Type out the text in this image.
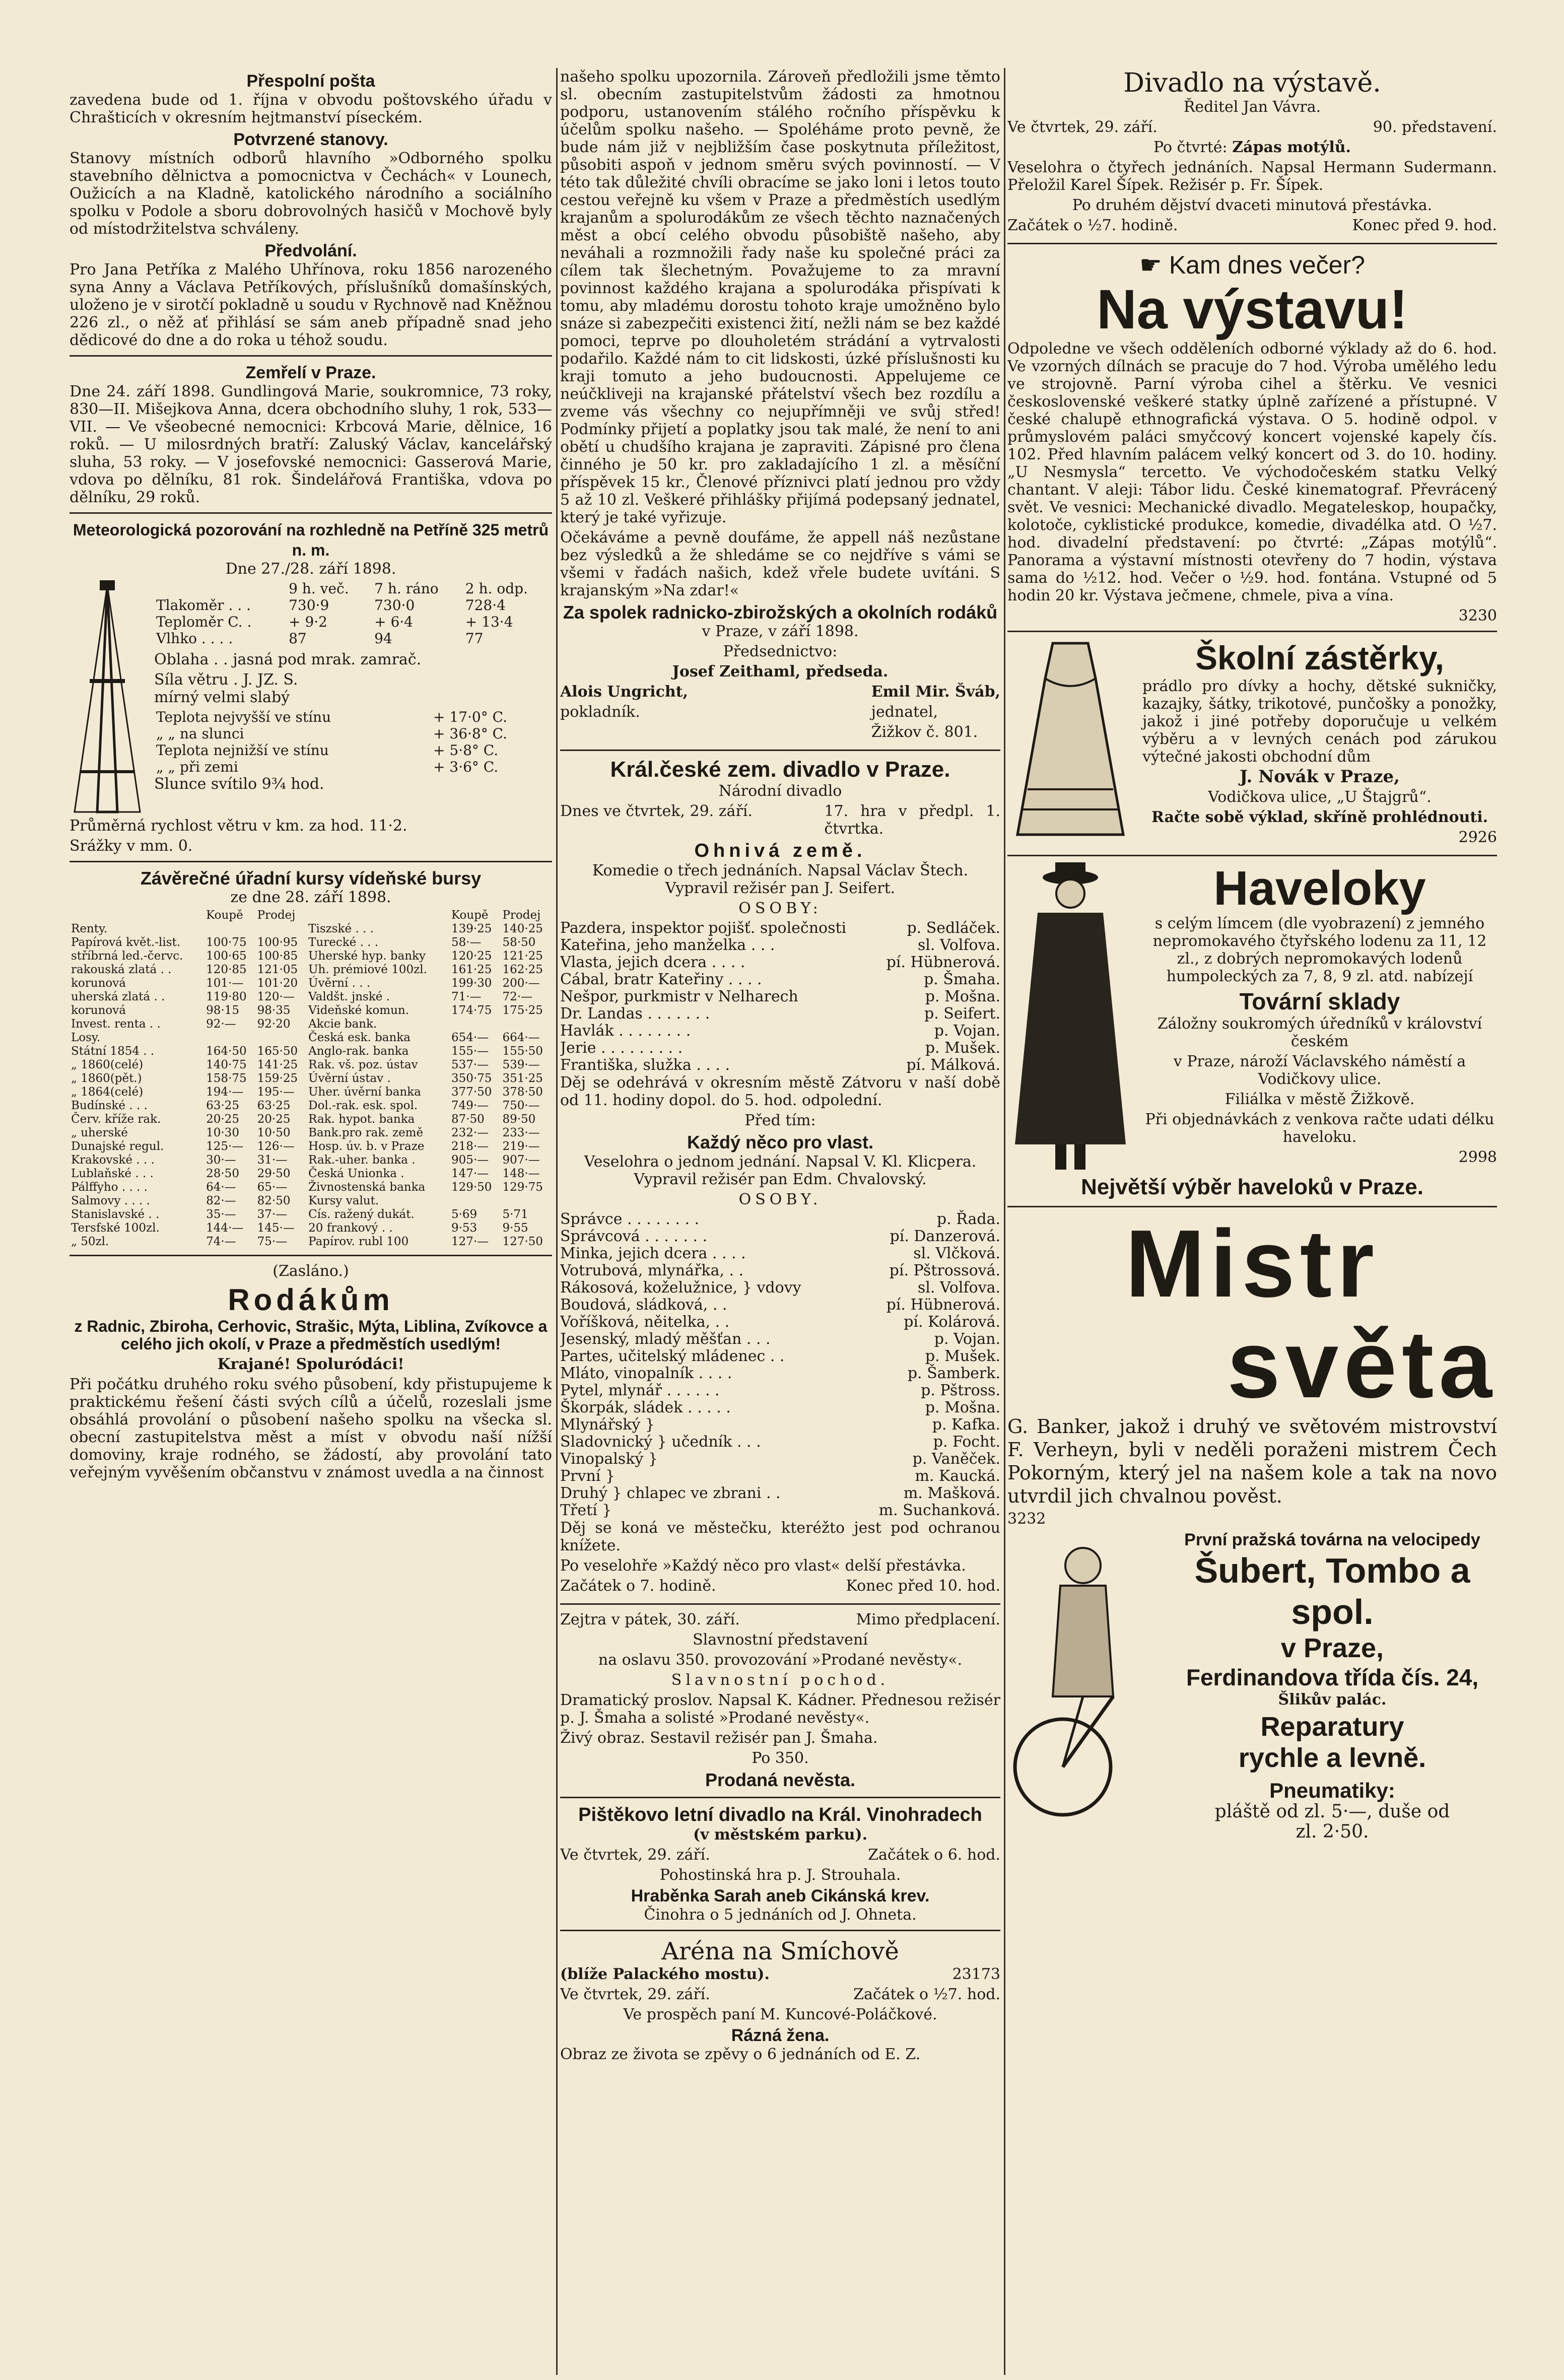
Přespolní pošta

zavedena bude od 1. října v obvodu poštovského úřadu v Chrašticích v okresním hejtmanství píseckém.

Potvrzené stanovy.

Stanovy místních odborů hlavního »Odborného spolku stavebního dělnictva a pomocnictva v Čechách« v Lounech, Oužicích a na Kladně, katolického národního a sociálního spolku v Podole a sboru dobrovolných hasičů v Mochově byly od místodržitelstva schváleny.

Předvolání.

Pro Jana Petříka z Malého Uhřínova, roku 1856 narozeného syna Anny a Václava Petříkových, příslušníků domašínských, uloženo je v sirotčí pokladně u soudu v Rychnově nad Kněžnou 226 zl., o něž ať přihlásí se sám aneb případně snad jeho dědicové do dne a do roka u téhož soudu.

Zemřelí v Praze.

Dne 24. září 1898. Gundlingová Marie, soukromnice, 73 roky, 830—II. Mišejkova Anna, dcera obchodního sluhy, 1 rok, 533—VII. — Ve všeobecné nemocnici: Krbcová Marie, dělnice, 16 roků. — U milosrdných bratří: Zaluský Václav, kancelářský sluha, 53 roky. — V josefovské nemocnici: Gasserová Marie, vdova po dělníku, 81 rok. Šindelářová Františka, vdova po dělníku, 29 roků.

Meteorologická pozorování na rozhledně na Petříně 325 metrů n. m.

Dne 27./28. září 1898.

	9 h. več.	7 h. ráno	2 h. odp.
Tlakoměr . . .	730·9	730·0	728·4
Teploměr C. .	+ 9·2	+ 6·4	+ 13·4
Vlhko . . . .	87	94	77

Oblaha . . jasná pod mrak. zamrač.

Síla větru . J. JZ. S.
mírný velmi slabý

Teplota nejvyšší ve stínu	+ 17·0° C.
„ „ na slunci	+ 36·8° C.
Teplota nejnižší ve stínu	+ 5·8° C.
„ „ při zemi	+ 3·6° C.

Slunce svítilo 9¾ hod.

Průměrná rychlost větru v km. za hod. 11·2.

Srážky v mm. 0.

Závěrečné úřadní kursy vídeňské bursy

ze dne 28. září 1898.

	Koupě	Prodej		Koupě	Prodej
Renty.			Tiszské . . .	139·25	140·25
Papírová květ.-list.	100·75	100·95	Turecké . . .	58·—	58·50
stříbrná led.-červc.	100·65	100·85	Uherské hyp. banky	120·25	121·25
rakouská zlatá . .	120·85	121·05	Uh. prémiové 100zl.	161·25	162·25
korunová	101·—	101·20	Úvěrní . . .	199·30	200·—
uherská zlatá . .	119·80	120·—	Valdšt. jnské .	71·—	72·—
korunová	98·15	98·35	Videňské komun.	174·75	175·25
Invest. renta . .	92·—	92·20	Akcie bank.		
Losy.			Česká esk. banka	654·—	664·—
Státní 1854 . .	164·50	165·50	Anglo-rak. banka	155·—	155·50
„ 1860(celé)	140·75	141·25	Rak. vš. poz. ústav	537·—	539·—
„ 1860(pět.)	158·75	159·25	Úvěrní ústav .	350·75	351·25
„ 1864(celé)	194·—	195·—	Uher. úvěrní banka	377·50	378·50
Budínské . . .	63·25	63·25	Dol.-rak. esk. spol.	749·—	750·—
Červ. kříže rak.	20·25	20·25	Rak. hypot. banka	87·50	89·50
„ uherské	10·30	10·50	Bank.pro rak. země	232·—	233·—
Dunajské regul.	125·—	126·—	Hosp. úv. b. v Praze	218·—	219·—
Krakovské . . .	30·—	31·—	Rak.-uher. banka .	905·—	907·—
Lublaňské . . .	28·50	29·50	Česká Unionka .	147·—	148·—
Pálffyho . . . .	64·—	65·—	Živnostenská banka	129·50	129·75
Salmovy . . . .	82·—	82·50	Kursy valut.		
Stanislavské . .	35·—	37·—	Cís. ražený dukát.	5·69	5·71
Tersfské 100zl.	144·—	145·—	20 frankový . .	9·53	9·55
„ 50zl.	74·—	75·—	Papírov. rubl 100	127·—	127·50

(Zasláno.)

Rodákům

z Radnic, Zbiroha, Cerhovic, Strašic, Mýta, Liblina, Zvíkovce a celého jich okolí, v Praze a předměstích usedlým!

Krajané! Spoluródáci!

Při počátku druhého roku svého působení, kdy přistupujeme k praktickému řešení části svých cílů a účelů, rozeslali jsme obsáhlá provolání o působení našeho spolku na všecka sl. obecní zastupitelstva měst a míst v obvodu naší nížší domoviny, kraje rodného, se žádostí, aby provolání tato veřejným vyvěšením občanstvu v známost uvedla a na činnost

našeho spolku upozornila. Zároveň předložili jsme těmto sl. obecním zastupitelstvům žádosti za hmotnou podporu, ustanovením stálého ročního příspěvku k účelům spolku našeho. — Spoléháme proto pevně, že bude nám již v nejbližším čase poskytnuta příležitost, působiti aspoň v jednom směru svých povinností. — V této tak důležité chvíli obracíme se jako loni i letos touto cestou veřejně ku všem v Praze a předměstích usedlým krajanům a spolurodákům ze všech těchto naznačených měst a obcí celého obvodu působiště našeho, aby neváhali a rozmnožili řady naše ku společné práci za cílem tak šlechetným. Považujeme to za mravní povinnost každého krajana a spolurodáka přispívati k tomu, aby mladému dorostu tohoto kraje umožněno bylo snáze si zabezpečiti existenci žití, nežli nám se bez každé pomoci, teprve po dlouholetém strádání a vytrvalosti podařilo. Každé nám to cit lidskosti, úzké příslušnosti ku kraji tomuto a jeho budoucnosti. Appelujeme ce neúčkliveji na krajanské přátelství všech bez rozdílu a zveme vás všechny co nejupřímněji ve svůj střed! Podmínky přijetí a poplatky jsou tak malé, že není to ani obětí u chudšího krajana je zapraviti. Zápisné pro člena činného je 50 kr. pro zakladajícího 1 zl. a měsíční příspěvek 15 kr., Členové příznivci platí jednou pro vždy 5 až 10 zl. Veškeré přihlášky přijímá podepsaný jednatel, který je také vyřizuje.

Očekáváme a pevně doufáme, že appell náš nezůstane bez výsledků a že shledáme se co nejdříve s vámi se všemi v řadách našich, kdež vřele budete uvítáni. S krajanským »Na zdar!«

Za spolek radnicko-zbirožských a okolních rodáků

v Praze, v září 1898.

Předsednictvo:

Josef Zeithaml, předseda.

Alois Ungricht,

pokladník.

Emil Mir. Šváb,

jednatel,

Žižkov č. 801.

Král.české zem. divadlo v Praze.

Národní divadlo

Dnes ve čtvrtek, 29. září.	17. hra v předpl. 1. čtvrtka.

Ohnivá země.

Komedie o třech jednáních. Napsal Václav Štech. Vypravil režisér pan J. Seifert.

OSOBY:

Pazdera, inspektor pojišť. společnosti	p. Sedláček.
Kateřina, jeho manželka . . .	sl. Volfova.
Vlasta, jejich dcera . . . .	pí. Hübnerová.
Cábal, bratr Kateřiny . . . .	p. Šmaha.
Nešpor, purkmistr v Nelharech	p. Mošna.
Dr. Landas . . . . . . .	p. Seifert.
Havlák . . . . . . . .	p. Vojan.
Jerie . . . . . . . . .	p. Mušek.
Františka, služka . . . .	pí. Málková.

Děj se odehrává v okresním městě Zátvoru v naší době od 11. hodiny dopol. do 5. hod. odpolední.

Před tím:

Každý něco pro vlast.

Veselohra o jednom jednání. Napsal V. Kl. Klicpera. Vypravil režisér pan Edm. Chvalovský.

OSOBY.

Správce . . . . . . . .	p. Řada.
Správcová . . . . . . .	pí. Danzerová.
Minka, jejich dcera . . . .	sl. Vlčková.
Votrubová, mlynářka, . .	pí. Pštrossová.
Rákosová, koželužnice, } vdovy	sl. Volfova.
Boudová, sládková, . .	pí. Hübnerová.
Voříšková, něitelka, . .	pí. Kolárová.
Jesenský, mladý měšťan . . .	p. Vojan.
Partes, učitelský mládenec . .	p. Mušek.
Mláto, vinopalník . . . .	p. Šamberk.
Pytel, mlynář . . . . . .	p. Pštross.
Škorpák, sládek . . . . .	p. Mošna.
Mlynářský }	p. Kafka.
Sladovnický } učedník . . .	p. Focht.
Vinopalský }	p. Vaněček.
První }	m. Kaucká.
Druhý } chlapec ve zbrani . .	m. Mašková.
Třetí }	m. Suchanková.

Děj se koná ve městečku, kteréžto jest pod ochranou knížete.

Po veselohře »Každý něco pro vlast« delší přestávka.

Začátek o 7. hodině.	Konec před 10. hod.

Zejtra v pátek, 30. září.	Mimo předplacení.

Slavnostní představení

na oslavu 350. provozování »Prodané nevěsty«.

Slavnostní pochod.

Dramatický proslov. Napsal K. Kádner. Přednesou režisér p. J. Šmaha a solisté »Prodané nevěsty«.

Živý obraz. Sestavil režisér pan J. Šmaha.

Po 350.

Prodaná nevěsta.
Pištěkovo letní divadlo na Král. Vinohradech

(v městském parku).

Ve čtvrtek, 29. září.	Začátek o 6. hod.

Pohostinská hra p. J. Strouhala.

Hraběnka Sarah aneb Cikánská krev.

Činohra o 5 jednáních od J. Ohneta.

Aréna na Smíchově

(blíže Palackého mostu).	23173

Ve čtvrtek, 29. září.	Začátek o ½7. hod.

Ve prospěch paní M. Kuncové-Poláčkové.

Rázná žena.

Obraz ze života se zpěvy o 6 jednáních od E. Z.

Divadlo na výstavě.

Ředitel Jan Vávra.

Ve čtvrtek, 29. září.	90. představení.

Po čtvrté: Zápas motýlů.

Veselohra o čtyřech jednáních. Napsal Hermann Sudermann. Přeložil Karel Šípek. Režisér p. Fr. Šípek.

Po druhém dějství dvaceti minutová přestávka.

Začátek o ½7. hodině.	Konec před 9. hod.

☛ Kam dnes večer?
Na výstavu!

Odpoledne ve všech odděleních odborné výklady až do 6. hod. Ve vzorných dílnách se pracuje do 7 hod. Výroba umělého ledu ve strojovně. Parní výroba cihel a štěrku. Ve vesnici československé veškeré statky úplně zařízené a přístupné. V české chalupě ethnografická výstava. O 5. hodině odpol. v průmyslovém paláci smyčcový koncert vojenské kapely čís. 102. Před hlavním palácem velký koncert od 3. do 10. hodiny. „U Nesmysla“ tercetto. Ve východočeském statku Velký chantant. V aleji: Tábor lidu. České kinematograf. Převrácený svět. Ve vesnici: Mechanické divadlo. Megateleskop, houpačky, kolotoče, cyklistické produkce, komedie, divadélka atd. O ½7. hod. divadelní představení: po čtvrté: „Zápas motýlů“. Panorama a výstavní místnosti otevřeny do 7 hodin, výstava sama do ½12. hod. Večer o ½9. hod. fontána. Vstupné od 5 hodin 20 kr. Výstava ječmene, chmele, piva a vína.

3230

Školní zástěrky,

prádlo pro dívky a hochy, dětské sukničky, kazajky, šátky, trikotové, punčošky a ponožky, jakož i jiné potřeby doporučuje u velkém výběru a v levných cenách pod zárukou výtečné jakosti obchodní dům

J. Novák v Praze,

Vodičkova ulice, „U Štajgrů“.

Račte sobě výklad, skříně prohlédnouti.

2926

Haveloky

s celým límcem (dle vyobrazení) z jemného nepromokavého čtyřského lodenu za 11, 12 zl., z dobrých nepromokavých lodenů humpoleckých za 7, 8, 9 zl. atd. nabízejí

Tovární sklady

Záložny soukromých úředníků v království českém

v Praze, nároží Václavského náměstí a Vodičkovy ulice.

Filiálka v městě Žižkově.

Při objednávkách z venkova račte udati délku haveloku.

2998

Největší výběr haveloků v Praze.
Mistr
světa

G. Banker, jakož i druhý ve světovém mistrovství F. Verheyn, byli v neděli poraženi mistrem Čech Pokorným, který jel na našem kole a tak na novo utvrdil jich chvalnou pověst.

3232

První pražská továrna na velocipedy
Šubert, Tombo a spol.
v Praze,
Ferdinandova třída čís. 24,

Šlikův palác.

Reparatury
rychle a levně.
Pneumatiky:

pláště od zl. 5·—, duše od

zl. 2·50.
